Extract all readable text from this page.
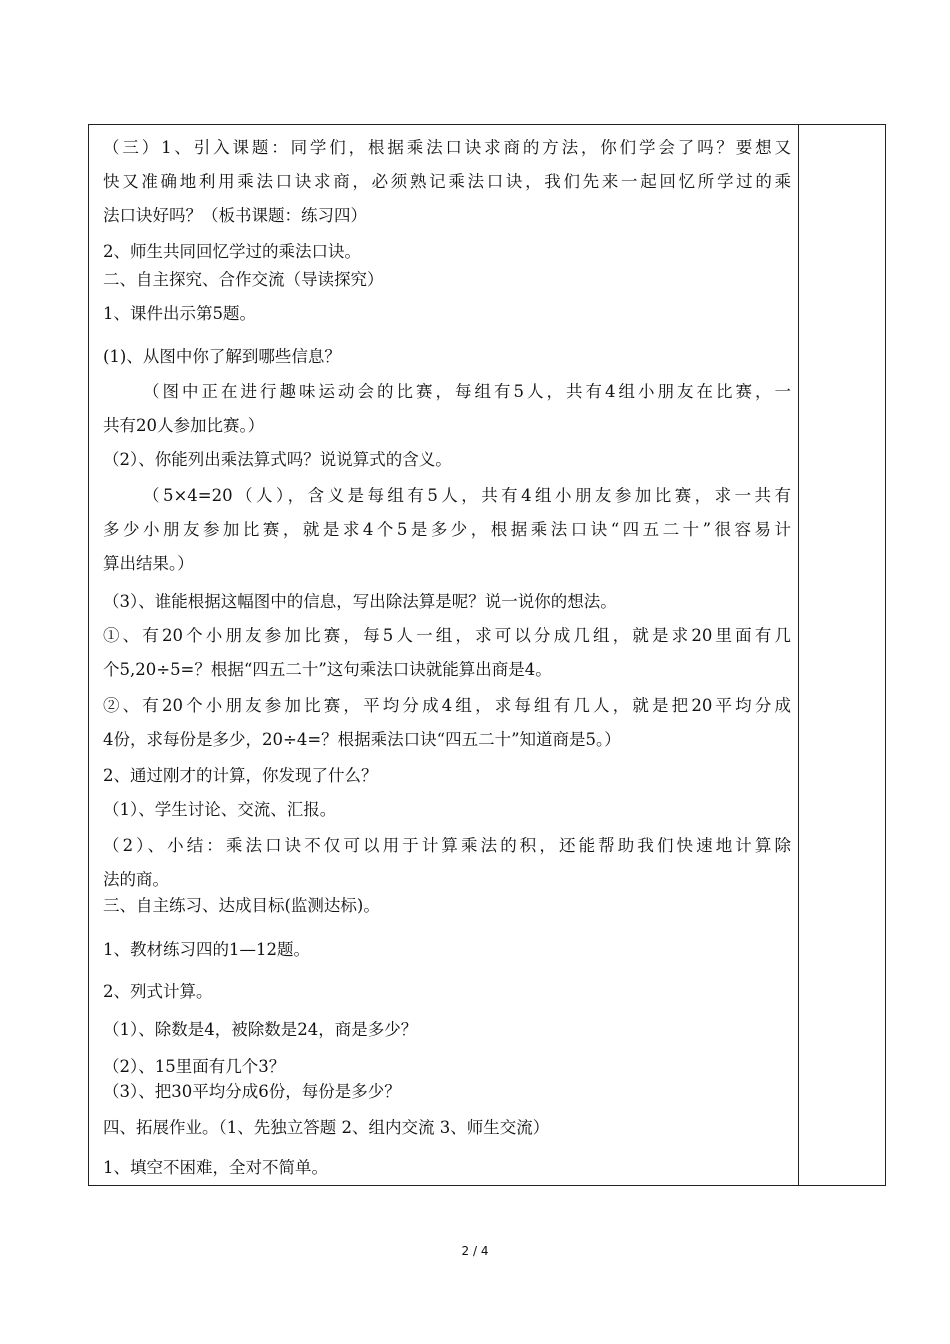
（三）1、引入课题：同学们，根据乘法口诀求商的方法，你们学会了吗？要想又
快又准确地利用乘法口诀求商，必须熟记乘法口诀，我们先来一起回忆所学过的乘
法口诀好吗？（板书课题：练习四）
2、师生共同回忆学过的乘法口诀。
二、自主探究、合作交流（导读探究）
1、课件出示第5题。
(1)、从图中你了解到哪些信息？
（图中正在进行趣味运动会的比赛，每组有5人，共有4组小朋友在比赛，一
共有20人参加比赛。）
（2）、你能列出乘法算式吗？说说算式的含义。
（5×4=20（人），含义是每组有5人，共有4组小朋友参加比赛，求一共有
多少小朋友参加比赛，就是求4个5是多少，根据乘法口诀“四五二十”很容易计
算出结果。）
（3）、谁能根据这幅图中的信息，写出除法算是呢？说一说你的想法。
①、有20个小朋友参加比赛，每5人一组，求可以分成几组，就是求20里面有几
个5,20÷5=？根据“四五二十”这句乘法口诀就能算出商是4。
②、有20个小朋友参加比赛，平均分成4组，求每组有几人，就是把20平均分成
4份，求每份是多少，20÷4=？根据乘法口诀“四五二十”知道商是5。）
2、通过刚才的计算，你发现了什么？
（1）、学生讨论、交流、汇报。
（2）、小结：乘法口诀不仅可以用于计算乘法的积，还能帮助我们快速地计算除
法的商。
三、自主练习、达成目标(监测达标)。
1、教材练习四的1—12题。
2、列式计算。
（1）、除数是4，被除数是24，商是多少？
（2）、15里面有几个3？
（3）、把30平均分成6份，每份是多少？
四、拓展作业。（1、先独立答题 2、组内交流 3、师生交流）
1、填空不困难，全对不简单。
2 / 4
